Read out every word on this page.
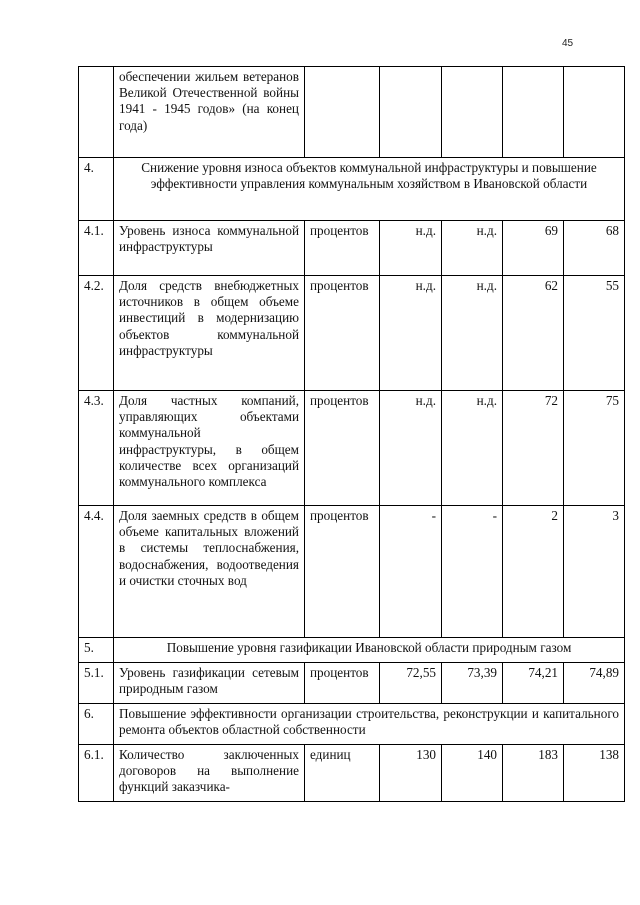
45
	обеспечении жильем ветеранов Великой Отечественной войны 1941 - 1945 годов» (на конец года)					
4.	Снижение уровня износа объектов коммунальной инфраструктуры и повышение эффективности управления коммунальным хозяйством в Ивановской области					
4.1.	Уровень износа коммунальной инфраструктуры	процентов	н.д.	н.д.	69	68
4.2.	Доля средств внебюджетных источников в общем объеме инвестиций в модернизацию объектов коммунальной инфраструктуры	процентов	н.д.	н.д.	62	55
4.3.	Доля частных компаний, управляющих объектами коммунальной инфраструктуры, в общем количестве всех организаций коммунального комплекса	процентов	н.д.	н.д.	72	75
4.4.	Доля заемных средств в общем объеме капитальных вложений в системы теплоснабжения, водоснабжения, водоотведения и очистки сточных вод	процентов	-	-	2	3
5.	Повышение уровня газификации Ивановской области природным газом					
5.1.	Уровень газификации сетевым природным газом	процентов	72,55	73,39	74,21	74,89
6.	Повышение эффективности организации строительства, реконструкции и капитального ремонта объектов областной собственности					
6.1.	Количество заключенных договоров на выполнение функций заказчика-	единиц	130	140	183	138
